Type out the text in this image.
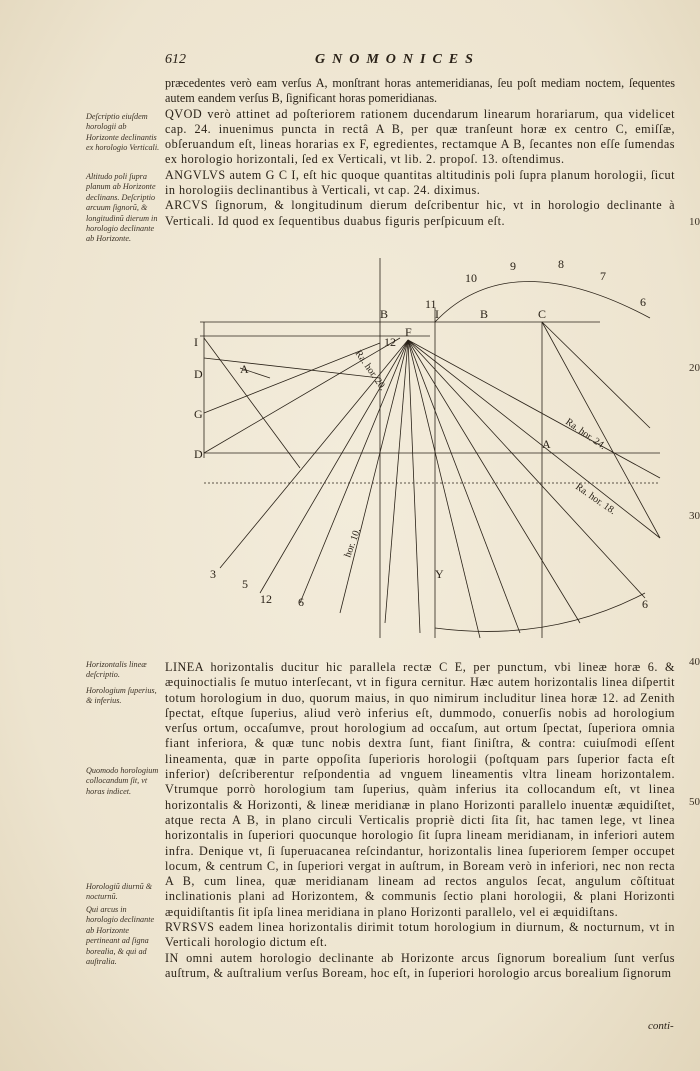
612	GNOMONICES

præcedentes verò eam verſus A, monſtrant horas antemeridianas, ſeu poſt mediam noctem, ſequentes autem eandem verſus B, ſignificant horas pomeridianas.

QVOD verò attinet ad poſteriorem rationem ducendarum linearum horariarum, qua videlicet cap. 24. inuenimus puncta in rectâ A B, per quæ tranſeunt horæ ex centro C, emiſſæ, obſeruandum eſt, lineas horarias ex F, egredientes, rectamque A B, ſecantes non eſſe ſumendas ex horologio horizontali, ſed ex Verticali, vt lib. 2. propoſ. 13. oſtendimus.

ANGVLVS autem G C I, eſt hic quoque quantitas altitudinis poli ſupra planum horologii, ſicut in horologiis declinantibus à Verticali, vt cap. 24. diximus.

ARCVS ſignorum, & longitudinum dierum deſcribentur hic, vt in horologio declinante à Verticali. Id quod ex ſequentibus duabus figuris perſpicuum eſt.

Deſcriptio eiuſdem horologii ab Horizonte declinantis ex horologio Verticali.
Altitudo poli ſupra planum ab Horizonte declinans. Deſcriptio arcuum ſignorũ, & longitudinũ dierum in horologio declinante ab Horizonte.
10
20
30
40
50
B	I	B	C
F
I
D
G
D
A
A
Y
12
11
10
9	8
7
6
3
5
12 6	6
Ra. hor. 20.
Ra. hor. 24.
Ra. hor. 18.
hor. 10.

LINEA horizontalis ducitur hic parallela rectæ C E, per punctum, vbi lineæ horæ 6. & æquinoctialis ſe mutuo interſecant, vt in figura cernitur. Hæc autem horizontalis linea diſpertit totum horologium in duo, quorum maius, in quo nimirum includitur linea horæ 12. ad Zenith ſpectat, eſtque ſuperius, aliud verò inferius eſt, dummodo, conuerſis nobis ad horologium verſus ortum, occaſumve, prout horologium ad occaſum, aut ortum ſpectat, ſuperiora omnia fiant inferiora, & quæ tunc nobis dextra ſunt, fiant ſiniſtra, & contra: cuiuſmodi eſſent lineamenta, quæ in parte oppoſita ſuperioris horologii (poſtquam pars ſuperior facta eſt inferior) deſcriberentur reſpondentia ad vnguem lineamentis vltra lineam horizontalem. Vtrumque porrò horologium tam ſuperius, quàm inferius ita collocandum eſt, vt linea horizontalis & Horizonti, & lineæ meridianæ in plano Horizonti parallelo inuentæ æquidiſtet, atque recta A B, in plano circuli Verticalis propriè dicti ſita ſit, hac tamen lege, vt linea horizontalis in ſuperiori quocunque horologio ſit ſupra lineam meridianam, in inferiori autem infra. Denique vt, ſi ſuperuacanea reſcindantur, horizontalis linea ſuperiorem ſemper occupet locum, & centrum C, in ſuperiori vergat in auſtrum, in Boream verò in inferiori, nec non recta A B, cum linea, quæ meridianam lineam ad rectos angulos ſecat, angulum cõſtituat inclinationis plani ad Horizontem, & communis ſectio plani horologii, & plani Horizonti æquidiſtantis ſit ipſa linea meridiana in plano Horizonti parallelo, vel ei æquidiſtans.

RVRSVS eadem linea horizontalis dirimit totum horologium in diurnum, & nocturnum, vt in Verticali horologio dictum eſt.

IN omni autem horologio declinante ab Horizonte arcus ſignorum borealium ſunt verſus auſtrum, & auſtralium verſus Boream, hoc eſt, in ſuperiori horologio arcus borealium ſignorum

Horizontalis lineæ deſcriptio.
Horologium ſuperius, & inferius.
Quomodo horologium collocandum ſit, vt horas indicet.
Horologiũ diurnũ & nocturnũ.
Qui arcus in horologio declinante ab Horizonte pertineant ad ſigna borealia, & qui ad auſtralia.
conti-
